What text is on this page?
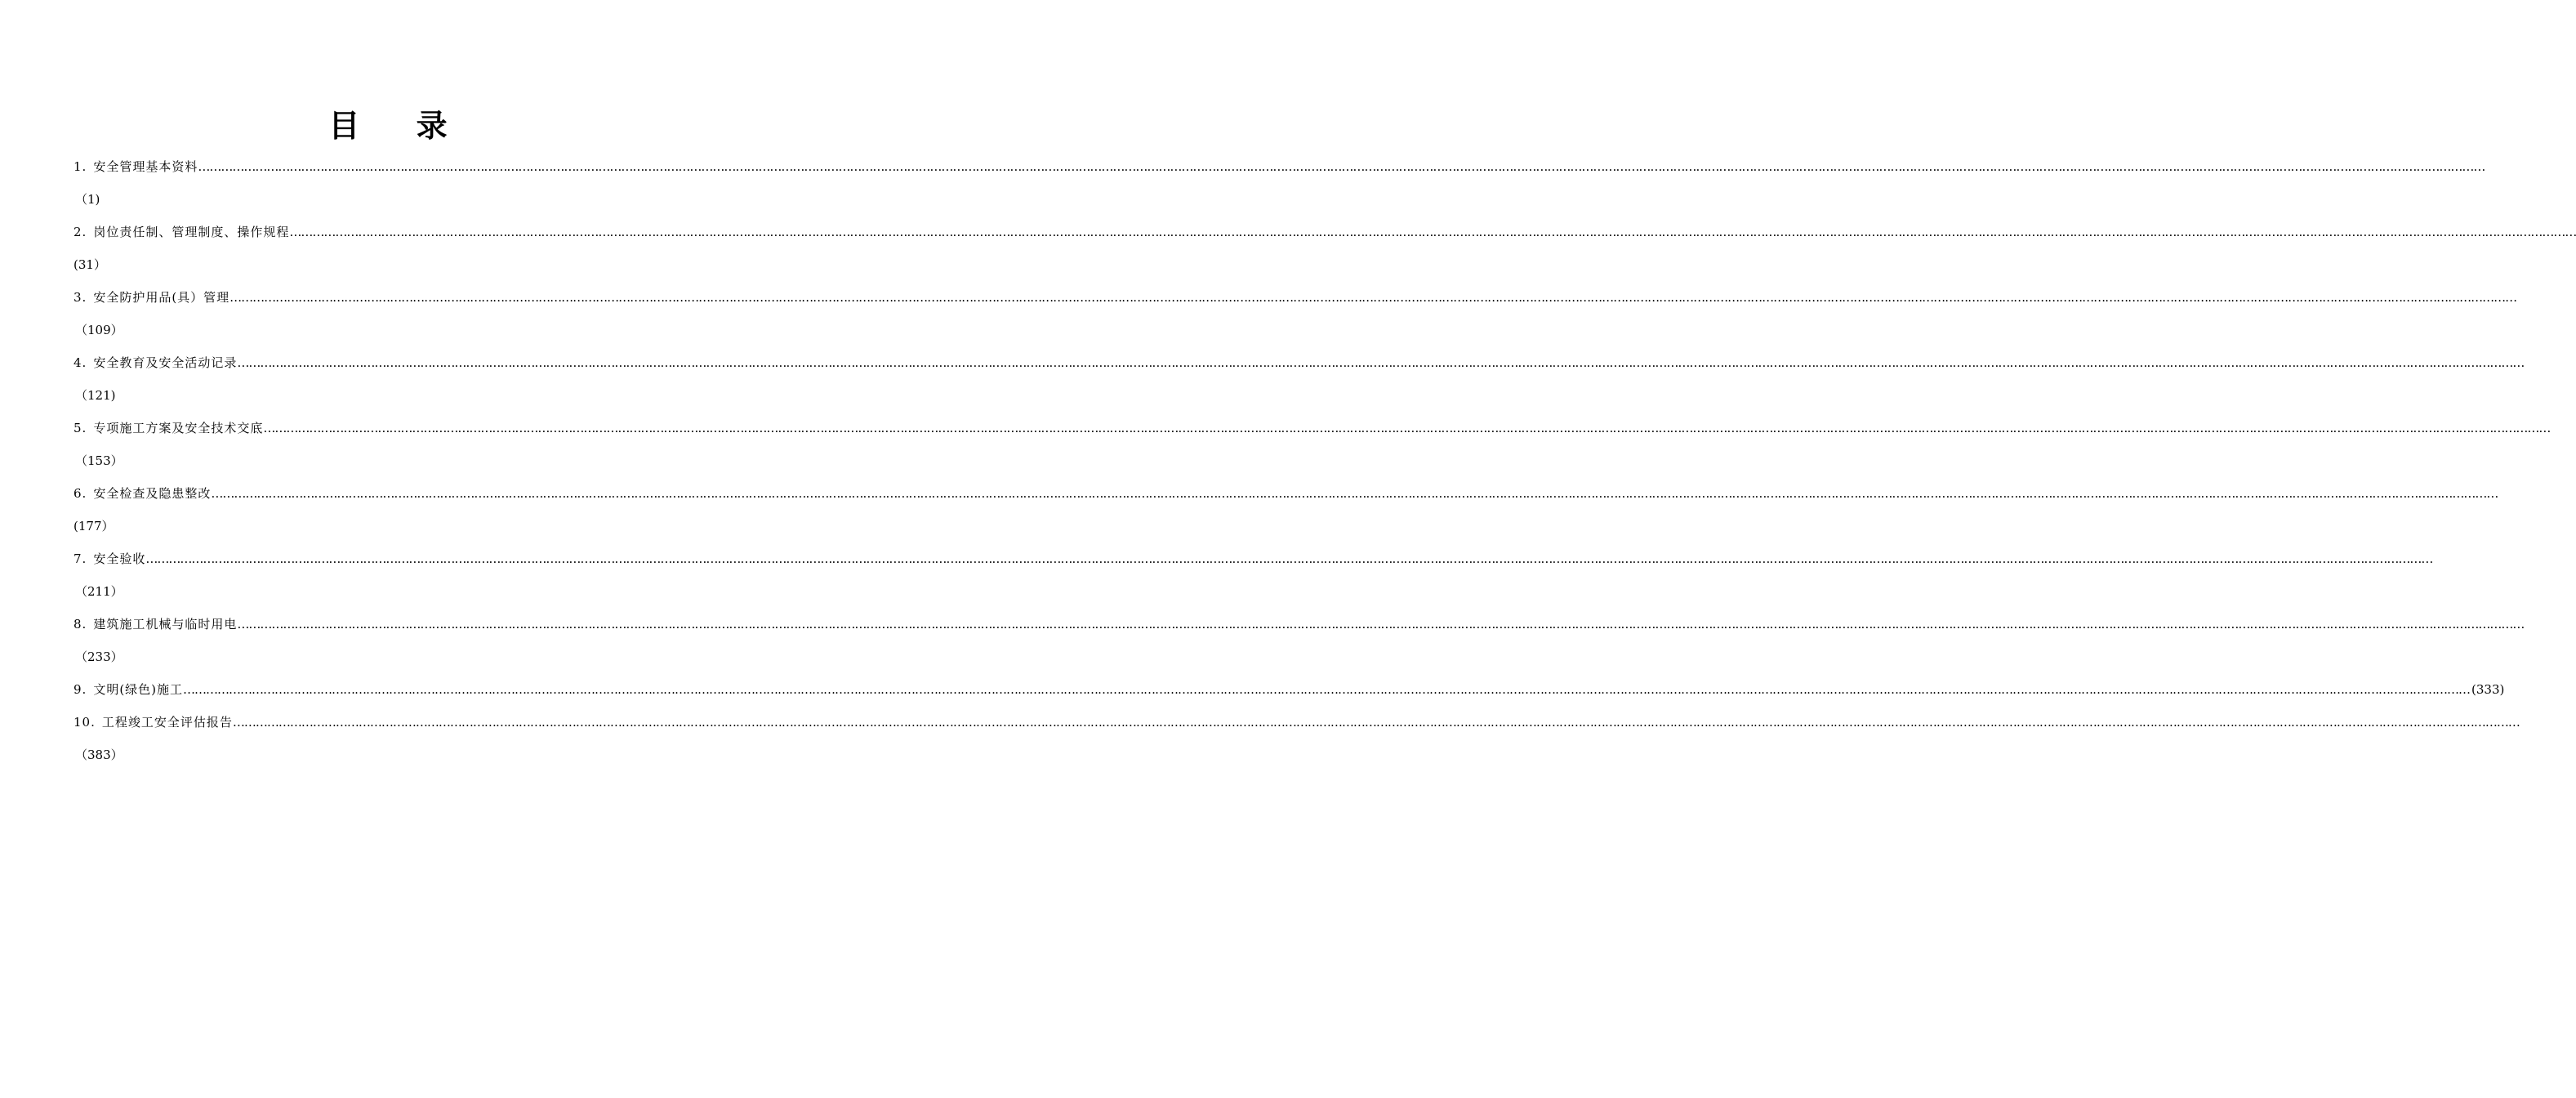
目 录
1. 安全管理基本资料 ……………………………………………………………………………………………………………………………………………………………………………………………………………………………………………………………………………………………………………………………………………………………………………………………………………………………………………………………………………………………………………………………………………………
（1)
2. 岗位责任制、管理制度、操作规程 ……………………………………………………………………………………………………………………………………………………………………………………………………………………………………………………………………………………………………………………………………………………………………………………………………………………………………………………………………………………………………………………………………………………
(31）
3. 安全防护用品(具）管理 ……………………………………………………………………………………………………………………………………………………………………………………………………………………………………………………………………………………………………………………………………………………………………………………………………………………………………………………………………………………………………………………………………………………
（109）
4. 安全教育及安全活动记录 ……………………………………………………………………………………………………………………………………………………………………………………………………………………………………………………………………………………………………………………………………………………………………………………………………………………………………………………………………………………………………………………………………………………
（121)
5. 专项施工方案及安全技术交底 ……………………………………………………………………………………………………………………………………………………………………………………………………………………………………………………………………………………………………………………………………………………………………………………………………………………………………………………………………………………………………………………………………………………
（153）
6. 安全检查及隐患整改 ……………………………………………………………………………………………………………………………………………………………………………………………………………………………………………………………………………………………………………………………………………………………………………………………………………………………………………………………………………………………………………………………………………………
(177）
7. 安全验收 ……………………………………………………………………………………………………………………………………………………………………………………………………………………………………………………………………………………………………………………………………………………………………………………………………………………………………………………………………………………………………………………………………………………
（211）
8. 建筑施工机械与临时用电 ……………………………………………………………………………………………………………………………………………………………………………………………………………………………………………………………………………………………………………………………………………………………………………………………………………………………………………………………………………………………………………………………………………………
（233）
9. 文明(绿色)施工 …………………………………………………………………………………………………………………………………………………………………………………………………………………………………………………………………………………………………………………………………………………………………………………………………………………………………………………………………………………………………………………………………………………… (333)
10. 工程竣工安全评估报告 ……………………………………………………………………………………………………………………………………………………………………………………………………………………………………………………………………………………………………………………………………………………………………………………………………………………………………………………………………………………………………………………………………………………
（383）
